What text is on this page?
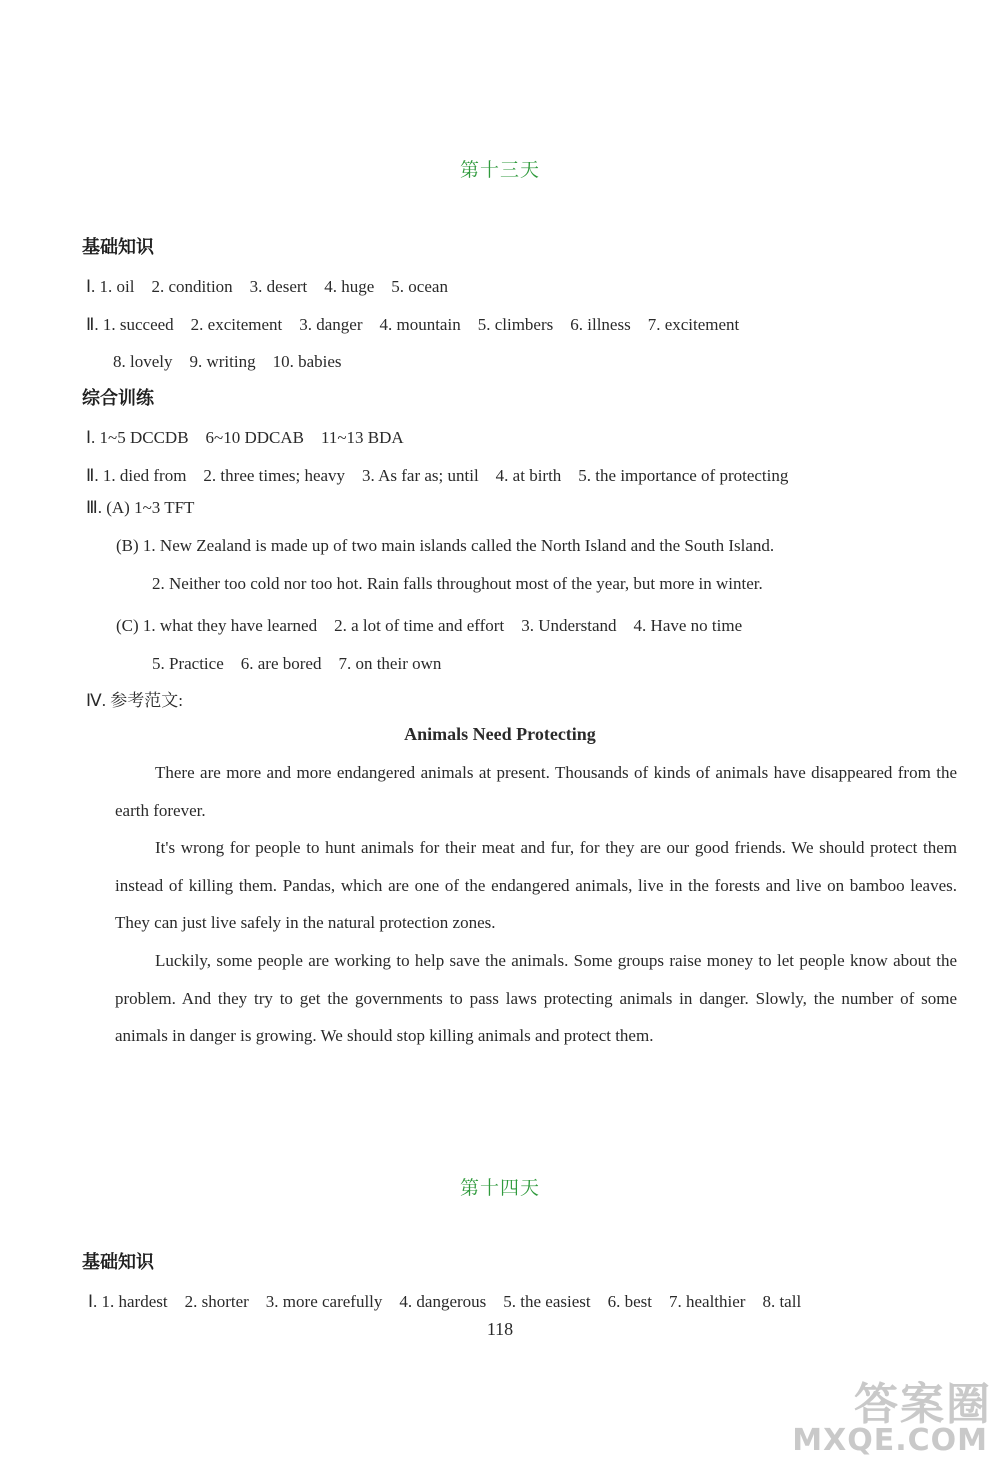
第十三天
基础知识
Ⅰ. 1. oil　2. condition　3. desert　4. huge　5. ocean
Ⅱ. 1. succeed　2. excitement　3. danger　4. mountain　5. climbers　6. illness　7. excitement
8. lovely　9. writing　10. babies
综合训练
Ⅰ. 1~5 DCCDB　6~10 DDCAB　11~13 BDA
Ⅱ. 1. died from　2. three times; heavy　3. As far as; until　4. at birth　5. the importance of protecting
Ⅲ. (A) 1~3 TFT
(B) 1. New Zealand is made up of two main islands called the North Island and the South Island.
2. Neither too cold nor too hot. Rain falls throughout most of the year, but more in winter.
(C) 1. what they have learned　2. a lot of time and effort　3. Understand　4. Have no time
5. Practice　6. are bored　7. on their own
Ⅳ. 参考范文:
Animals Need Protecting
There are more and more endangered animals at present. Thousands of kinds of animals have disappeared from the earth forever.
It's wrong for people to hunt animals for their meat and fur, for they are our good friends. We should protect them instead of killing them. Pandas, which are one of the endangered animals, live in the forests and live on bamboo leaves. They can just live safely in the natural protection zones.
Luckily, some people are working to help save the animals. Some groups raise money to let people know about the problem. And they try to get the governments to pass laws protecting animals in danger. Slowly, the number of some animals in danger is growing. We should stop killing animals and protect them.
第十四天
基础知识
Ⅰ. 1. hardest　2. shorter　3. more carefully　4. dangerous　5. the easiest　6. best　7. healthier　8. tall
118
答案圈
MXQE.COM
